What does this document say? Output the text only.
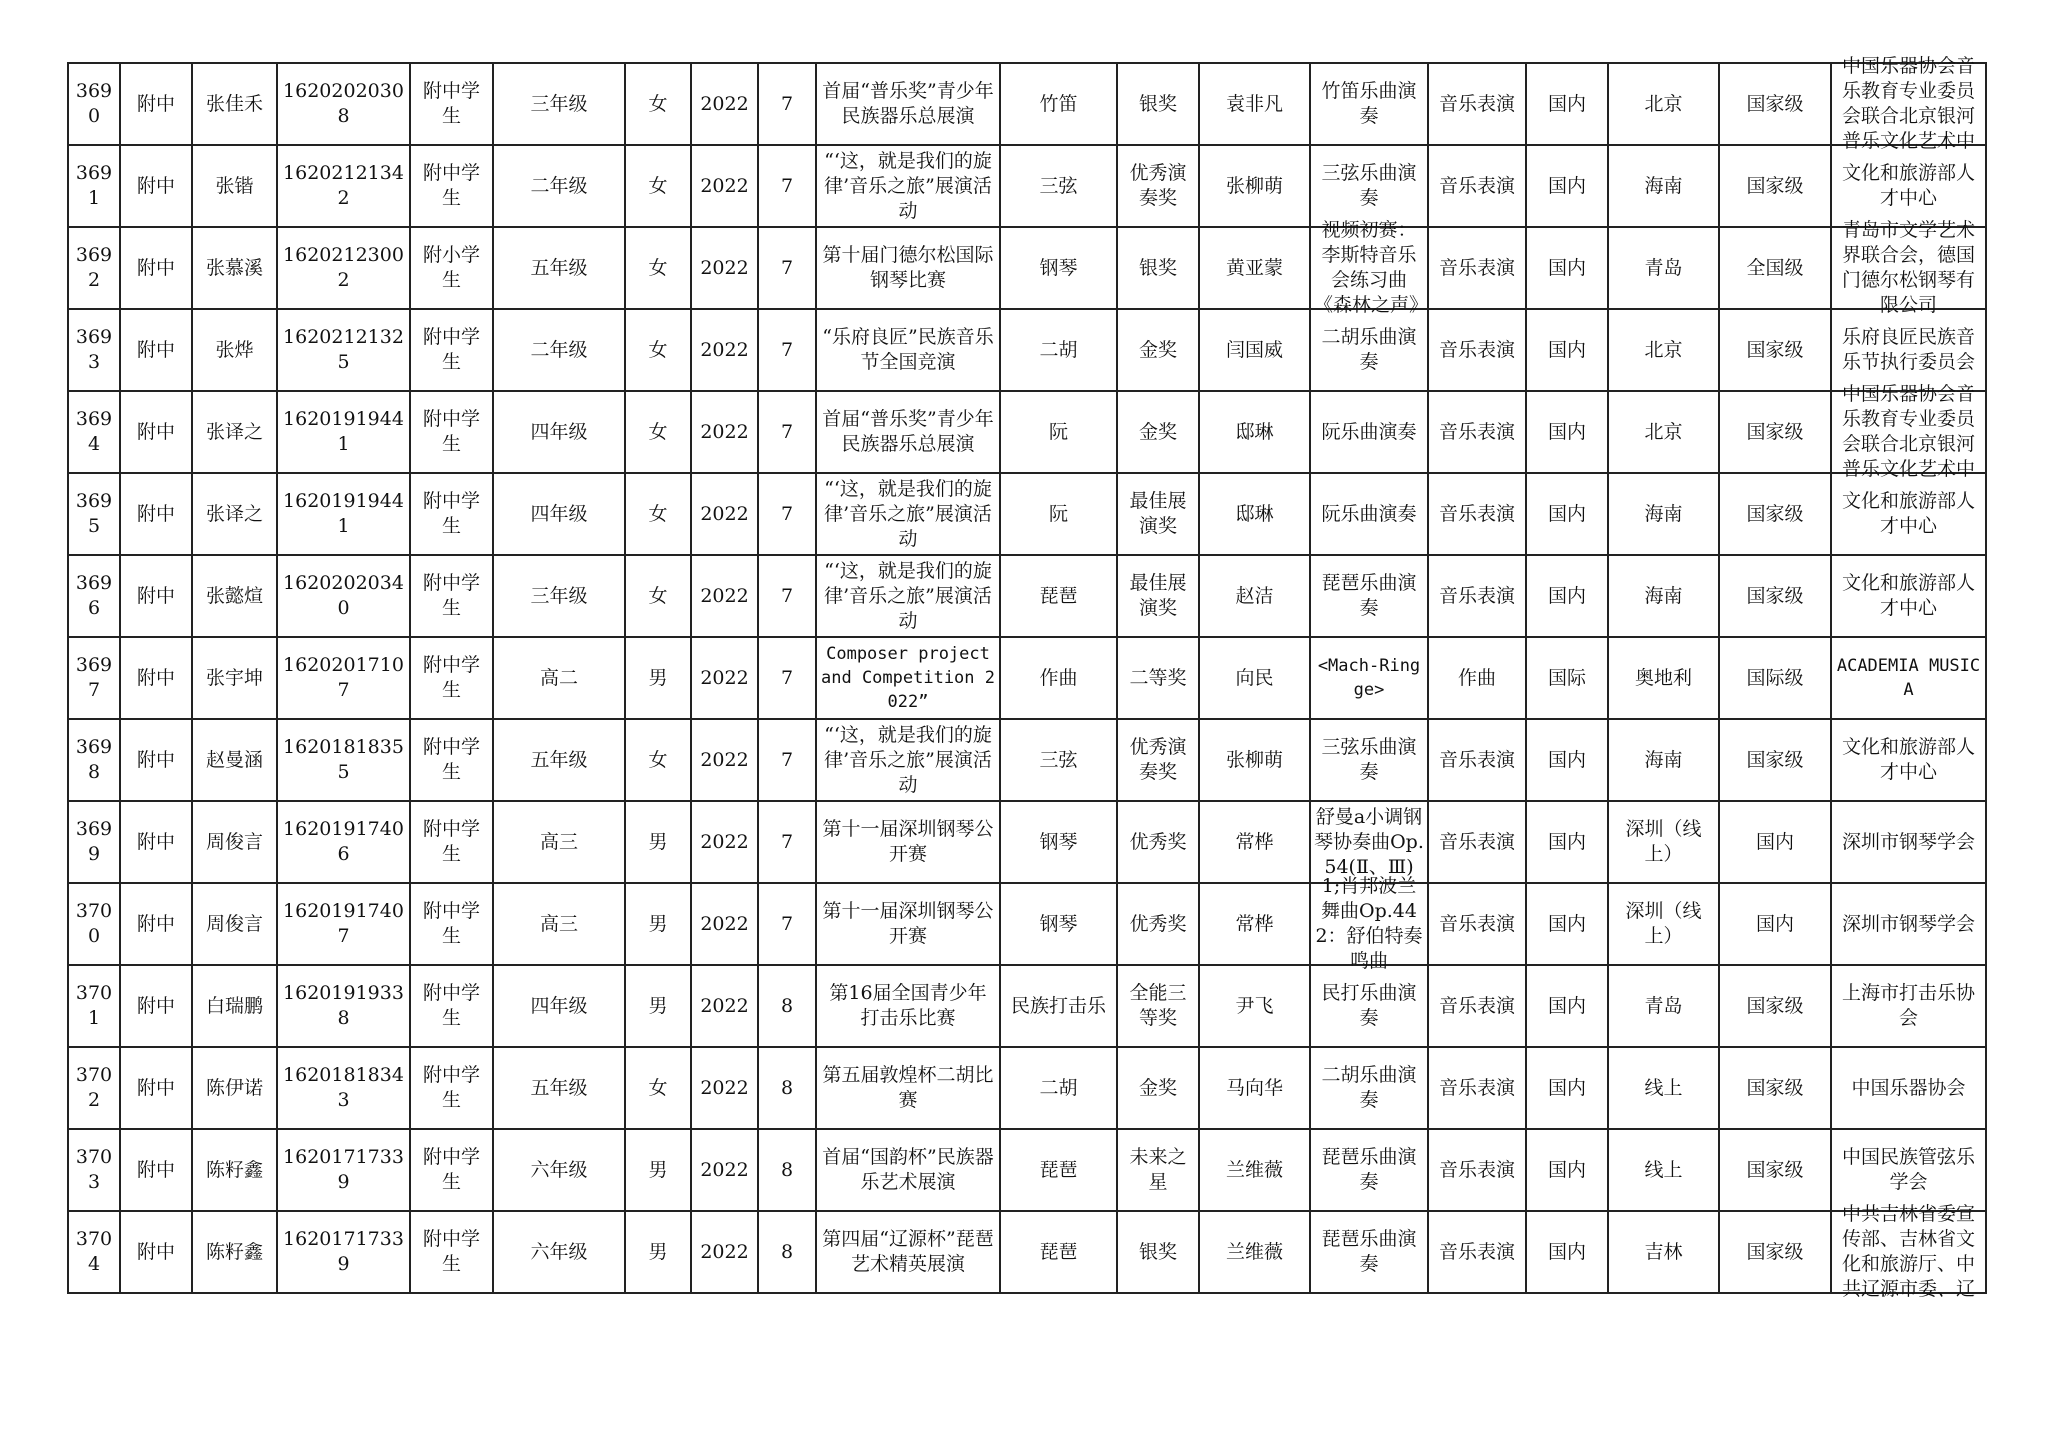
3690	附中	张佳禾	16202020308	附中学生	三年级	女	2022	7	首届“普乐奖”青少年民族器乐总展演	竹笛	银奖	袁非凡	竹笛乐曲演奏	音乐表演	国内	北京	国家级	中国乐器协会音乐教育专业委员会联合北京银河普乐文化艺术中

3691	附中	张锴	16202121342	附中学生	二年级	女	2022	7	“‘这，就是我们的旋律’音乐之旅”展演活动	三弦	优秀演奏奖	张柳萌	三弦乐曲演奏	音乐表演	国内	海南	国家级	文化和旅游部人才中心

3692	附中	张慕溪	16202123002	附小学生	五年级	女	2022	7	第十届门德尔松国际钢琴比赛	钢琴	银奖	黄亚蒙	视频初赛：李斯特音乐会练习曲《森林之声》	音乐表演	国内	青岛	全国级	青岛市文学艺术界联合会，德国门德尔松钢琴有限公司

3693	附中	张烨	16202121325	附中学生	二年级	女	2022	7	“乐府良匠”民族音乐节全国竞演	二胡	金奖	闫国威	二胡乐曲演奏	音乐表演	国内	北京	国家级	乐府良匠民族音乐节执行委员会

3694	附中	张译之	16201919441	附中学生	四年级	女	2022	7	首届“普乐奖”青少年民族器乐总展演	阮	金奖	邸琳	阮乐曲演奏	音乐表演	国内	北京	国家级	中国乐器协会音乐教育专业委员会联合北京银河普乐文化艺术中

3695	附中	张译之	16201919441	附中学生	四年级	女	2022	7	“‘这，就是我们的旋律’音乐之旅”展演活动	阮	最佳展演奖	邸琳	阮乐曲演奏	音乐表演	国内	海南	国家级	文化和旅游部人才中心

3696	附中	张懿煊	16202020340	附中学生	三年级	女	2022	7	“‘这，就是我们的旋律’音乐之旅”展演活动	琵琶	最佳展演奖	赵洁	琵琶乐曲演奏	音乐表演	国内	海南	国家级	文化和旅游部人才中心

3697	附中	张宇坤	16202017107	附中学生	高二	男	2022	7	Composer project and Competition 2022”	作曲	二等奖	向民	<Mach-Ringge>	作曲	国际	奥地利	国际级	ACADEMIA MUSICA

3698	附中	赵曼涵	16201818355	附中学生	五年级	女	2022	7	“‘这，就是我们的旋律’音乐之旅”展演活动	三弦	优秀演奏奖	张柳萌	三弦乐曲演奏	音乐表演	国内	海南	国家级	文化和旅游部人才中心

3699	附中	周俊言	16201917406	附中学生	高三	男	2022	7	第十一届深圳钢琴公开赛	钢琴	优秀奖	常桦	舒曼a小调钢琴协奏曲Op.54(Ⅱ、Ⅲ)	音乐表演	国内	深圳（线上）	国内	深圳市钢琴学会

3700	附中	周俊言	16201917407	附中学生	高三	男	2022	7	第十一届深圳钢琴公开赛	钢琴	优秀奖	常桦	1;肖邦波兰舞曲Op.44 2：舒伯特奏鸣曲	音乐表演	国内	深圳（线上）	国内	深圳市钢琴学会

3701	附中	白瑞鹏	16201919338	附中学生	四年级	男	2022	8	第16届全国青少年打击乐比赛	民族打击乐	全能三等奖	尹飞	民打乐曲演奏	音乐表演	国内	青岛	国家级	上海市打击乐协会

3702	附中	陈伊诺	16201818343	附中学生	五年级	女	2022	8	第五届敦煌杯二胡比赛	二胡	金奖	马向华	二胡乐曲演奏	音乐表演	国内	线上	国家级	中国乐器协会

3703	附中	陈籽鑫	16201717339	附中学生	六年级	男	2022	8	首届“国韵杯”民族器乐艺术展演	琵琶	未来之星	兰维薇	琵琶乐曲演奏	音乐表演	国内	线上	国家级	中国民族管弦乐学会

3704	附中	陈籽鑫	16201717339	附中学生	六年级	男	2022	8	第四届“辽源杯”琵琶艺术精英展演	琵琶	银奖	兰维薇	琵琶乐曲演奏	音乐表演	国内	吉林	国家级	中共吉林省委宣传部、吉林省文化和旅游厅、中共辽源市委、辽
